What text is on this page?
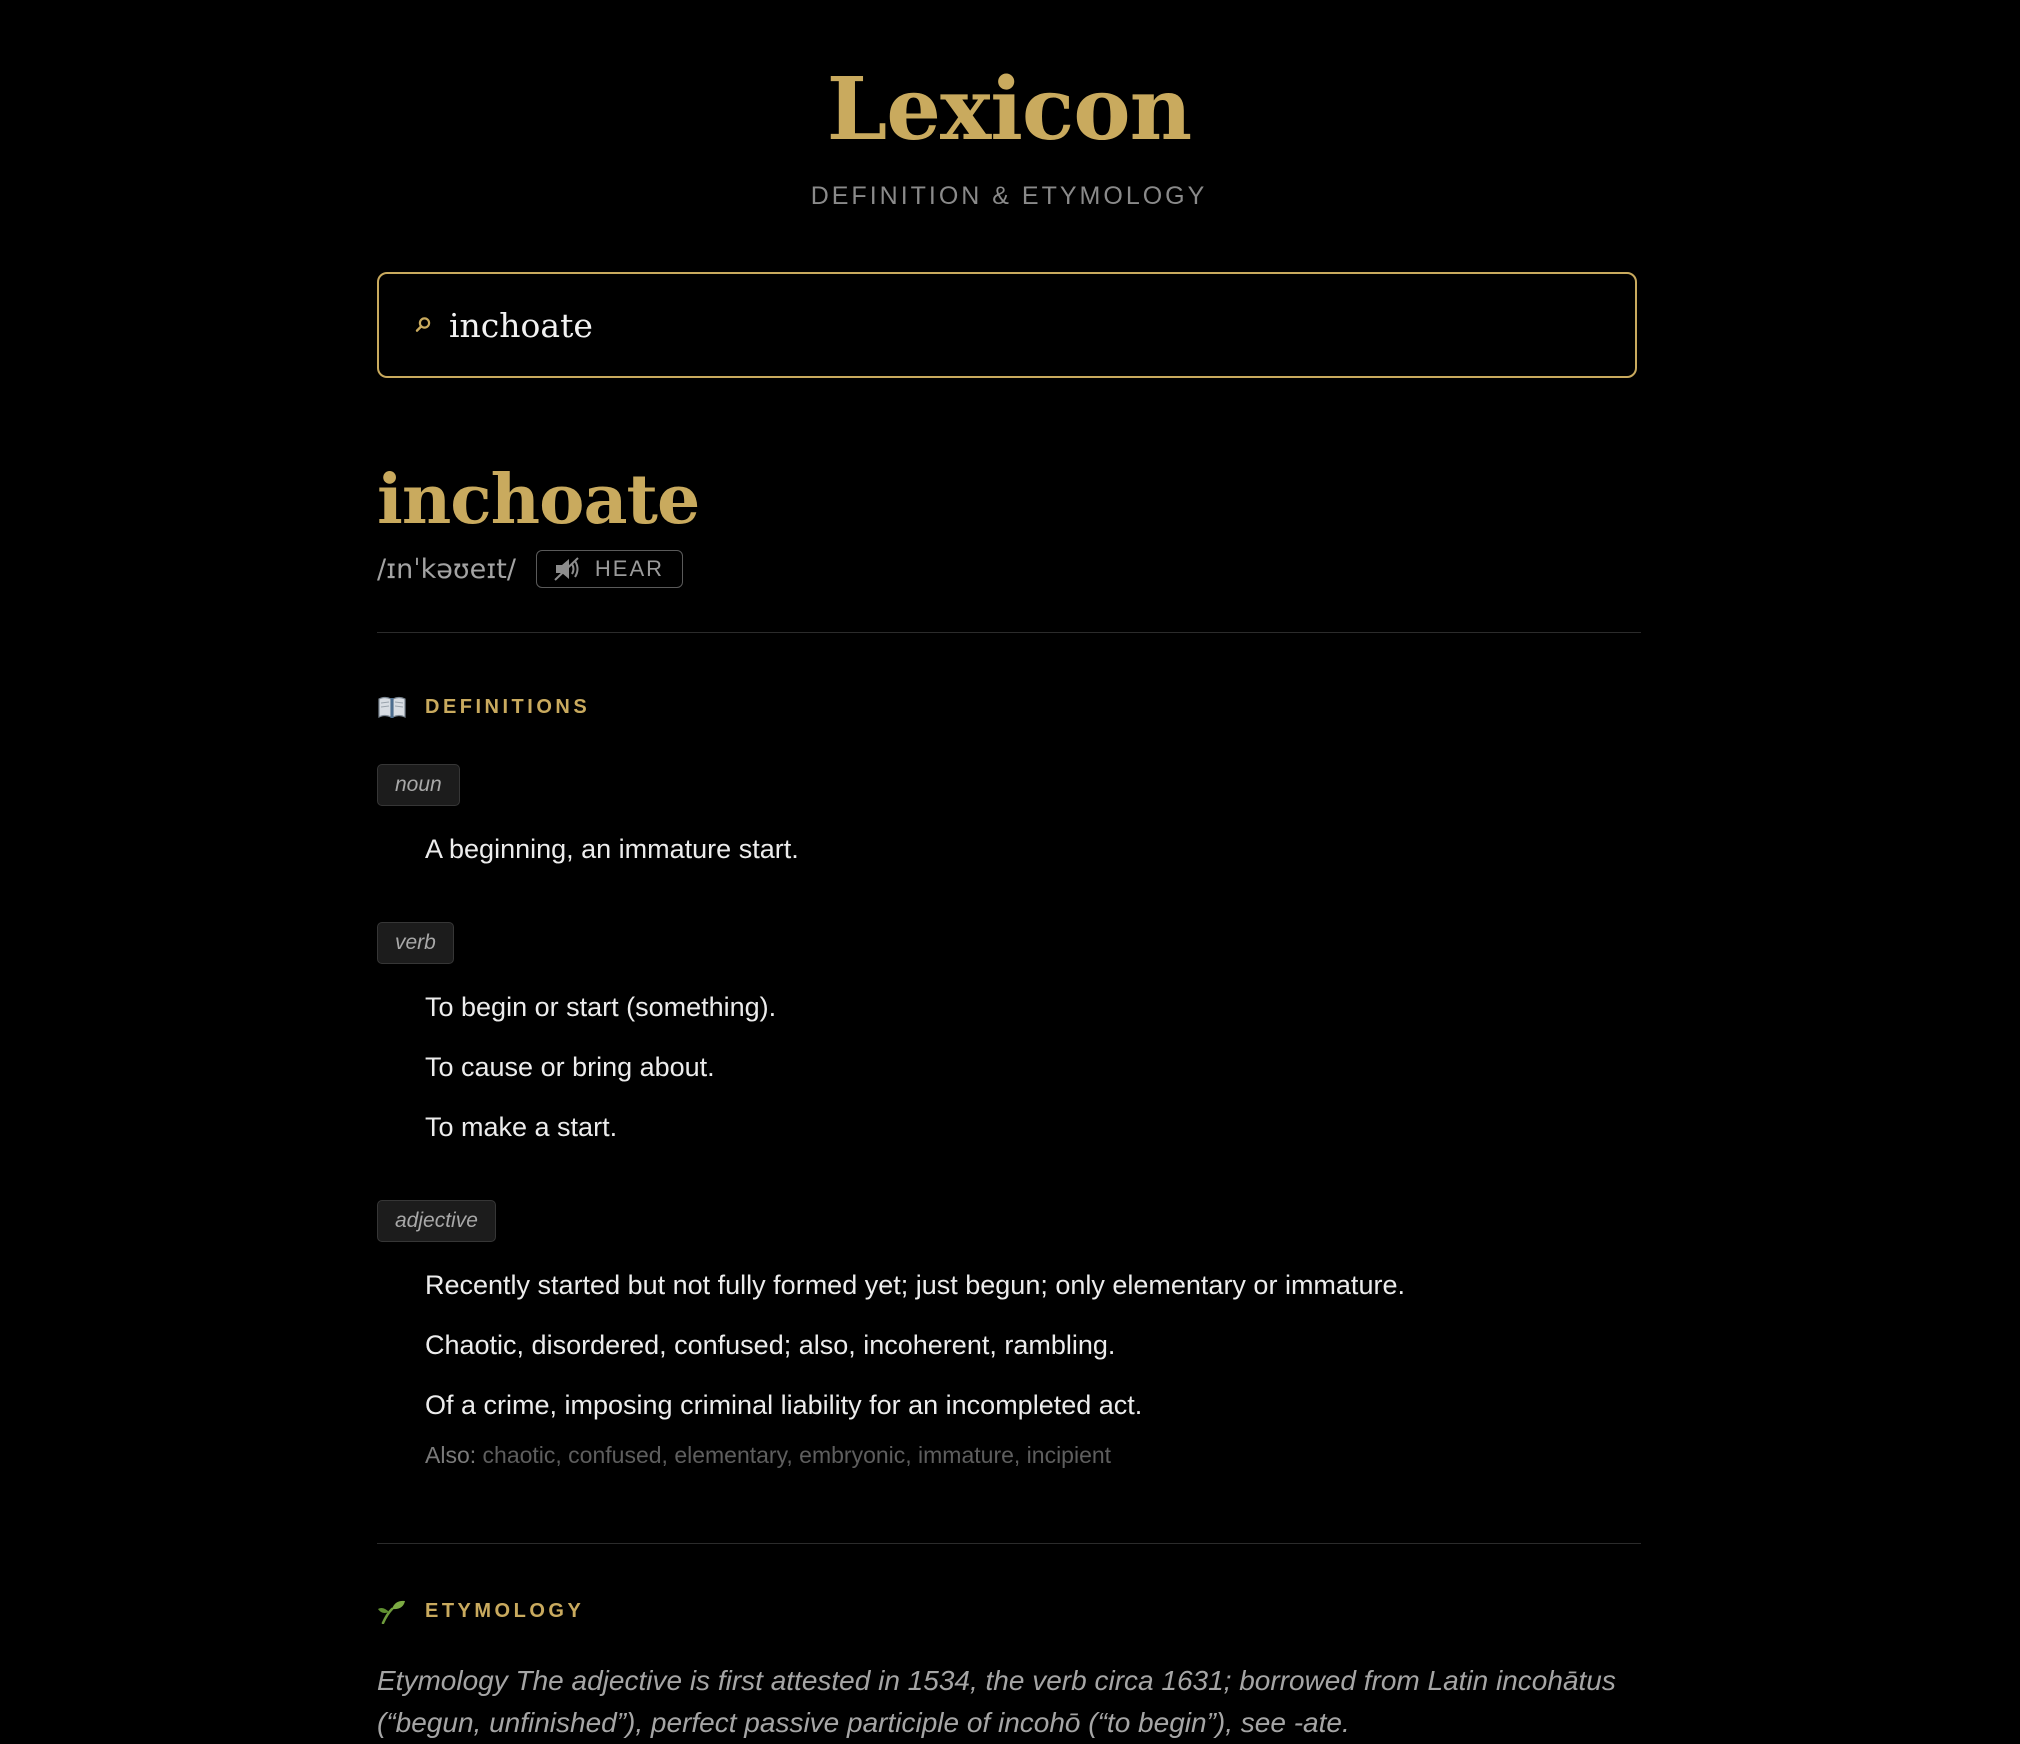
Lexicon
DEFINITION & ETYMOLOGY
inchoate
inchoate
/ɪnˈkəʊeɪt/	HEAR
DEFINITIONS
noun
A beginning, an immature start.
verb
To begin or start (something).
To cause or bring about.
To make a start.
adjective
Recently started but not fully formed yet; just begun; only elementary or immature.
Chaotic, disordered, confused; also, incoherent, rambling.
Of a crime, imposing criminal liability for an incompleted act.
Also: chaotic, confused, elementary, embryonic, immature, incipient
ETYMOLOGY
Etymology The adjective is first attested in 1534, the verb circa 1631; borrowed from Latin incohātus (“begun, unfinished”), perfect passive participle of incohō (“to begin”), see -ate.
